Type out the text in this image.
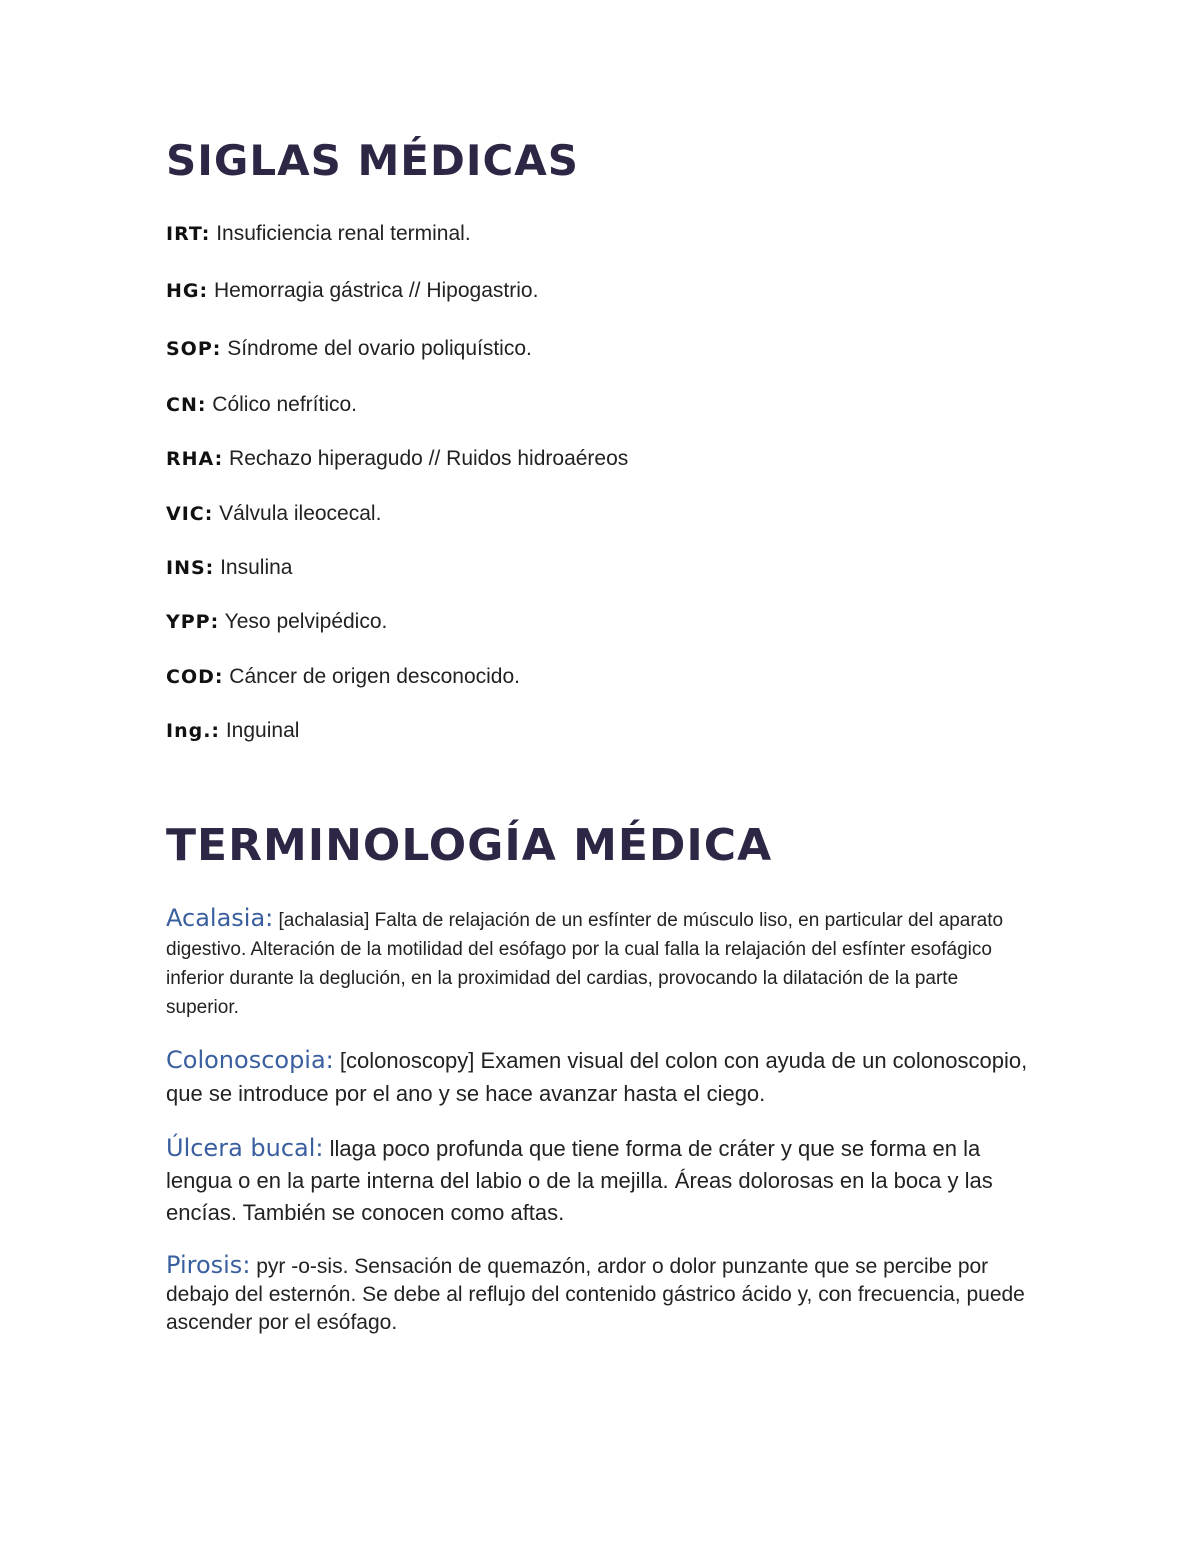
SIGLAS MÉDICAS
IRT: Insuficiencia renal terminal.
HG: Hemorragia gástrica // Hipogastrio.
SOP: Síndrome del ovario poliquístico.
CN: Cólico nefrítico.
RHA: Rechazo hiperagudo // Ruidos hidroaéreos
VIC: Válvula ileocecal.
INS: Insulina
YPP: Yeso pelvipédico.
COD: Cáncer de origen desconocido.
Ing.: Inguinal
TERMINOLOGÍA MÉDICA

Acalasia: [achalasia] Falta de relajación de un esfínter de músculo liso, en particular del aparato digestivo. Alteración de la motilidad del esófago por la cual falla la relajación del esfínter esofágico inferior durante la deglución, en la proximidad del cardias, provocando la dilatación de la parte superior.

Colonoscopia: [colonoscopy] Examen visual del colon con ayuda de un colonoscopio, que se introduce por el ano y se hace avanzar hasta el ciego.

Úlcera bucal: llaga poco profunda que tiene forma de cráter y que se forma en la lengua o en la parte interna del labio o de la mejilla. Áreas dolorosas en la boca y las encías. También se conocen como aftas.

Pirosis: pyr -o-sis. Sensación de quemazón, ardor o dolor punzante que se percibe por debajo del esternón. Se debe al reflujo del contenido gástrico ácido y, con frecuencia, puede ascender por el esófago.
